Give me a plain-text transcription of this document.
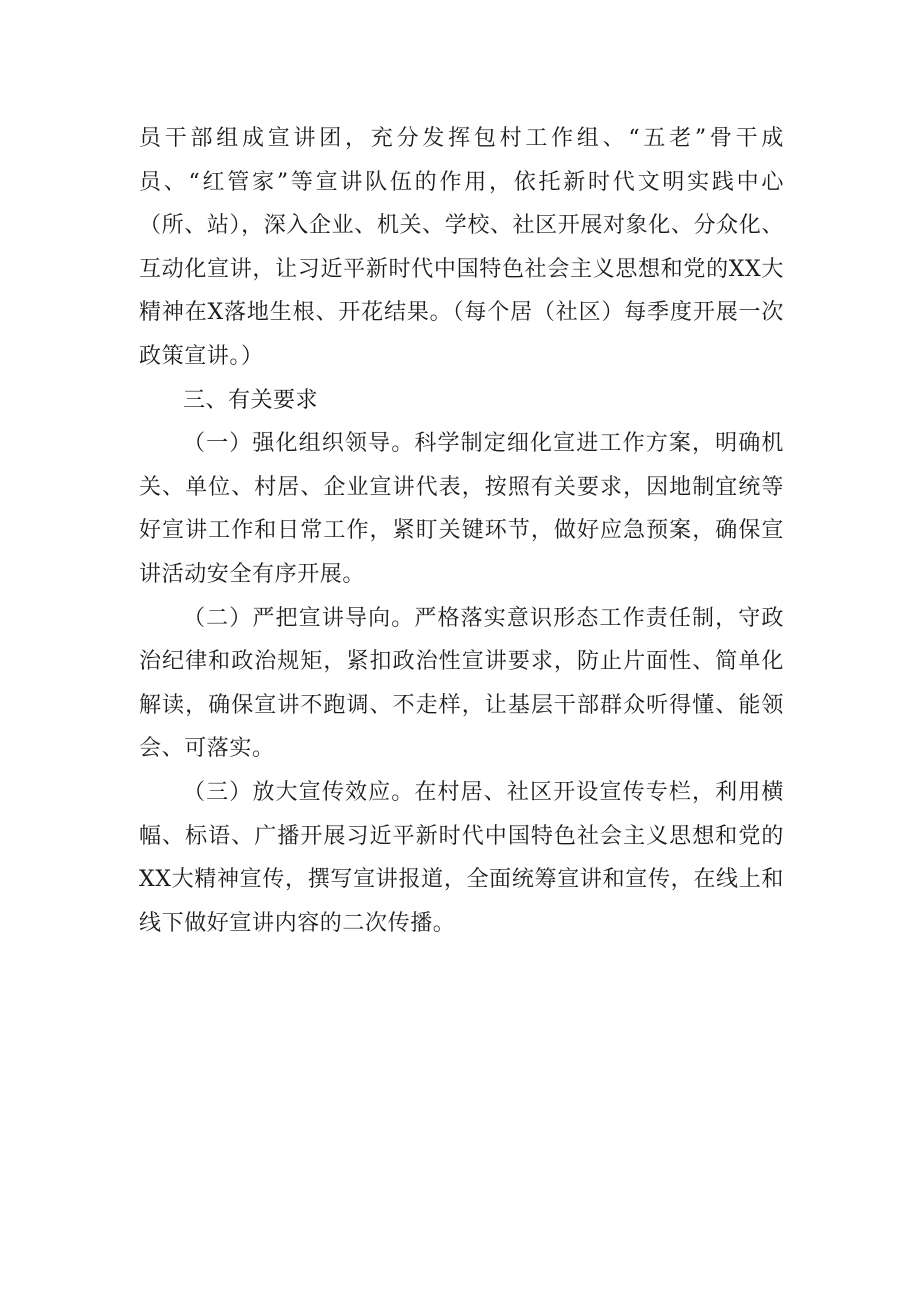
员干部组成宣讲团，充分发挥包村工作组、“五老”骨干成员、“红管家”等宣讲队伍的作用，依托新时代文明实践中心（所、站），深入企业、机关、学校、社区开展对象化、分众化、互动化宣讲，让习近平新时代中国特色社会主义思想和党的XX大精神在X落地生根、开花结果。（每个居（社区）每季度开展一次政策宣讲。）

三、有关要求

（一）强化组织领导。科学制定细化宣进工作方案，明确机关、单位、村居、企业宣讲代表，按照有关要求，因地制宜统等好宣讲工作和日常工作，紧盯关键环节，做好应急预案，确保宣讲活动安全有序开展。

（二）严把宣讲导向。严格落实意识形态工作责任制，守政治纪律和政治规矩，紧扣政治性宣讲要求，防止片面性、简单化解读，确保宣讲不跑调、不走样，让基层干部群众听得懂、能领会、可落实。

（三）放大宣传效应。在村居、社区开设宣传专栏，利用横幅、标语、广播开展习近平新时代中国特色社会主义思想和党的XX大精神宣传，撰写宣讲报道，全面统筹宣讲和宣传，在线上和线下做好宣讲内容的二次传播。
